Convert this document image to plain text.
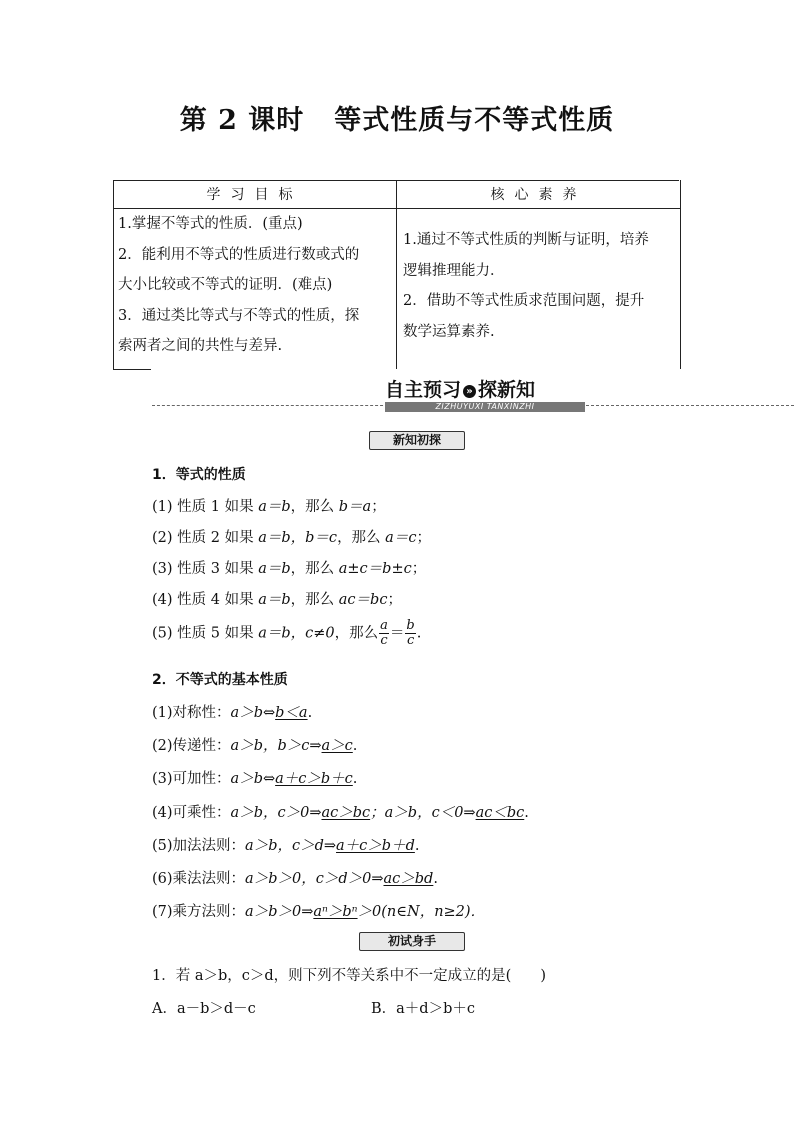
第 2 课时 等式性质与不等式性质
学习目标	核心素养

1.掌握不等式的性质．(重点)

2．能利用不等式的性质进行数或式的

大小比较或不等式的证明．(难点)

3．通过类比等式与不等式的性质，探

索两者之间的共性与差异.

1.通过不等式性质的判断与证明，培养

逻辑推理能力．

2．借助不等式性质求范围问题，提升

数学运算素养.

自主预习 » 探新知
ZIZHUYUXI TANXINZHI
新知初探
1．等式的性质
(1) 性质 1 如果 a＝b，那么 b＝a；
(2) 性质 2 如果 a＝b，b＝c，那么 a＝c；
(3) 性质 3 如果 a＝b，那么 a±c＝b±c；
(4) 性质 4 如果 a＝b，那么 ac＝bc；
(5) 性质 5 如果 a＝b，c≠0，那么 $\frac{a}{c} = \frac{b}{c}$ .
2．不等式的基本性质
(1)对称性：a＞b⇔b＜a.
(2)传递性：a＞b，b＞c⇒a＞c.
(3)可加性：a＞b⇔a＋c＞b＋c.
(4)可乘性：a＞b，c＞0⇒ac＞bc；a＞b，c＜0⇒ac＜bc.
(5)加法法则：a＞b，c＞d⇒a＋c＞b＋d.
(6)乘法法则：a＞b＞0，c＞d＞0⇒ac＞bd.
(7)乘方法则：a＞b＞0⇒aⁿ＞bⁿ＞0(n∈N，n≥2)．
初试身手
1．若 a＞b，c＞d，则下列不等关系中不一定成立的是(　　)
A．a－b＞d－c	B．a＋d＞b＋c
